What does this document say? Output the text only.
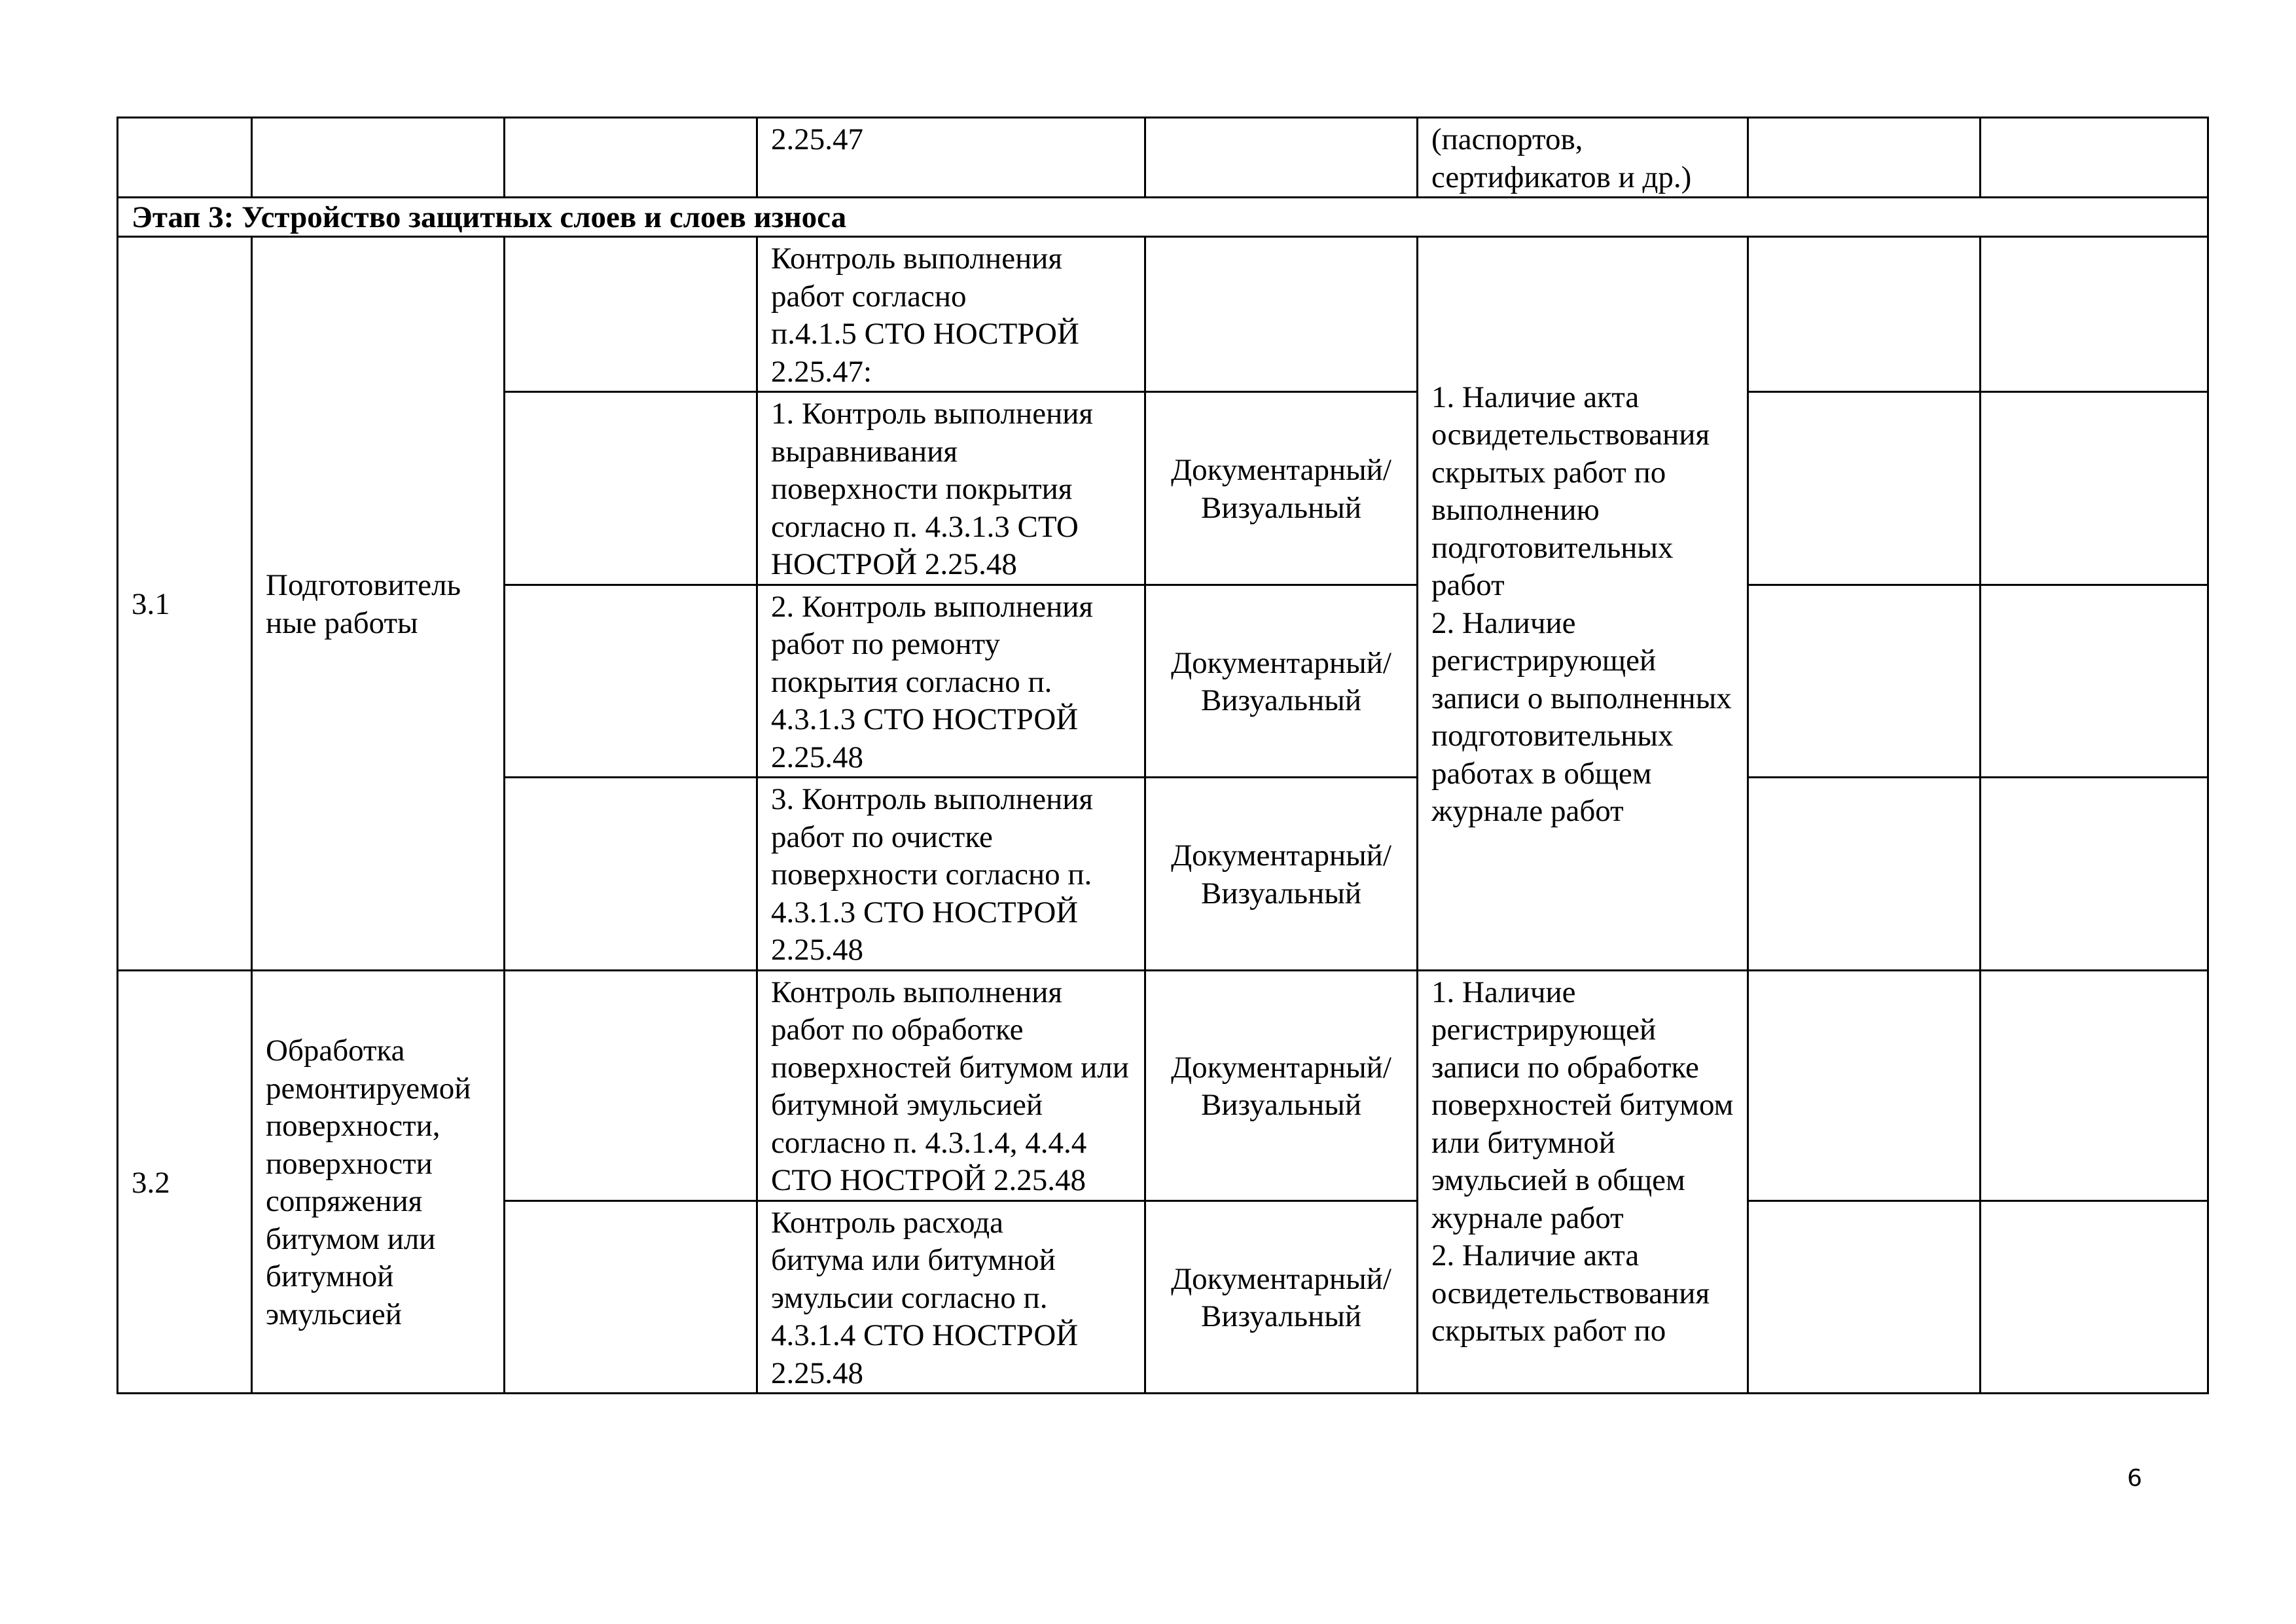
			2.25.47		(паспортов,
сертификатов и др.)		
Этап 3: Устройство защитных слоев и слоев износа							
3.1	Подготовитель
ные работы		Контроль выполнения работ согласно
п.4.1.5 СТО НОСТРОЙ 2.25.47:		1. Наличие акта освидетельствования скрытых работ по выполнению подготовительных работ
2. Наличие регистрирующей записи о выполненных подготовительных работах в общем журнале работ		
			1. Контроль выполнения выравнивания поверхности покрытия согласно п. 4.3.1.3 СТО НОСТРОЙ 2.25.48	Документарный/
Визуальный			
			2. Контроль выполнения работ по ремонту покрытия согласно п. 4.3.1.3 СТО НОСТРОЙ 2.25.48	Документарный/
Визуальный			
			3. Контроль выполнения работ по очистке поверхности согласно п. 4.3.1.3 СТО НОСТРОЙ 2.25.48	Документарный/
Визуальный			
3.2	Обработка ремонтируемой поверхности, поверхности сопряжения битумом или битумной эмульсией		Контроль выполнения работ по обработке поверхностей битумом или битумной эмульсией согласно п. 4.3.1.4, 4.4.4 СТО НОСТРОЙ 2.25.48	Документарный/
Визуальный	1. Наличие регистрирующей записи по обработке поверхностей битумом или битумной эмульсией в общем журнале работ
2. Наличие акта освидетельствования скрытых работ по		
			Контроль расхода
битума или битумной эмульсии согласно п. 4.3.1.4 СТО НОСТРОЙ 2.25.48	Документарный/
Визуальный			
6
